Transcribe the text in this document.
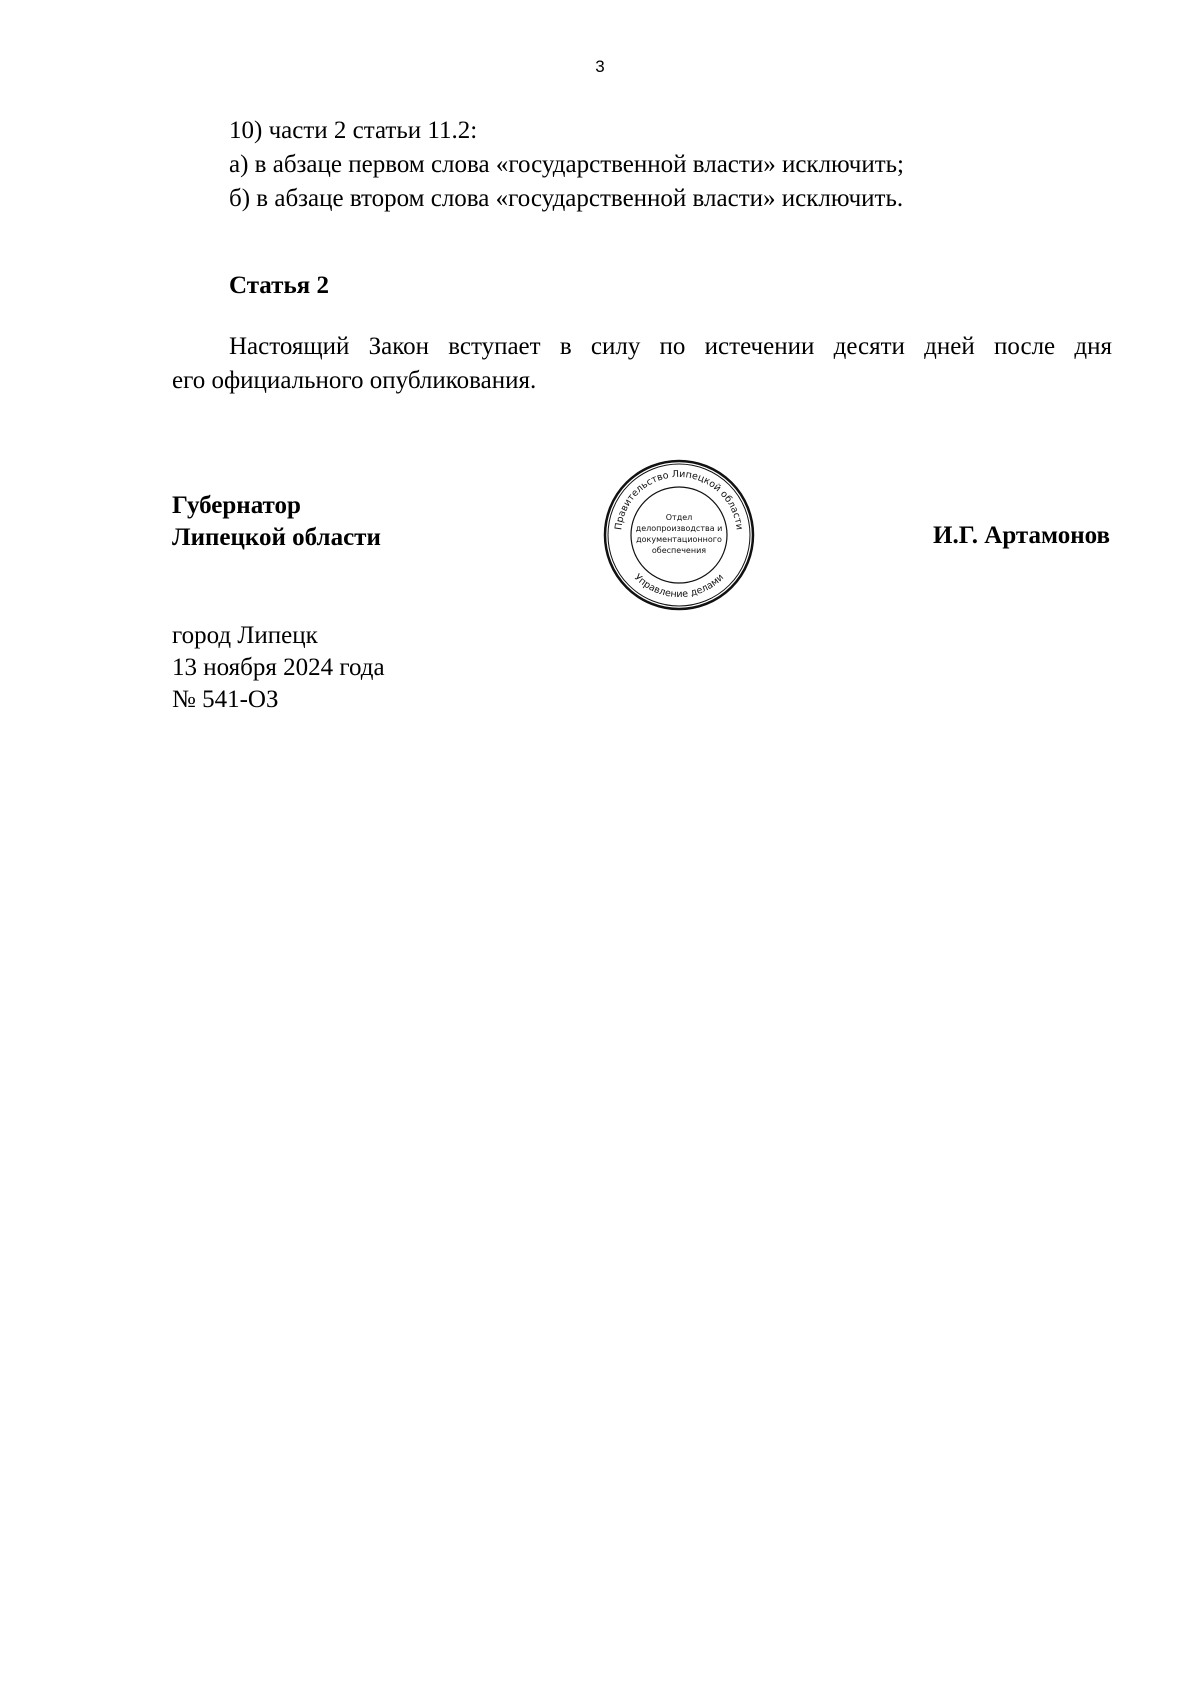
3
10) части 2 статьи 11.2:
а) в абзаце первом слова «государственной власти» исключить;
б) в абзаце втором слова «государственной власти» исключить.
Статья 2
Настоящий Закон вступает в силу по истечении десяти дней после дня
его официального опубликования.
Губернатор
Липецкой области	Правительство Липецкой области
Управление делами
Отдел
делопроизводства и
документационного
обеспечения
И.Г. Артамонов
город Липецк
13 ноября 2024 года
№ 541-ОЗ
